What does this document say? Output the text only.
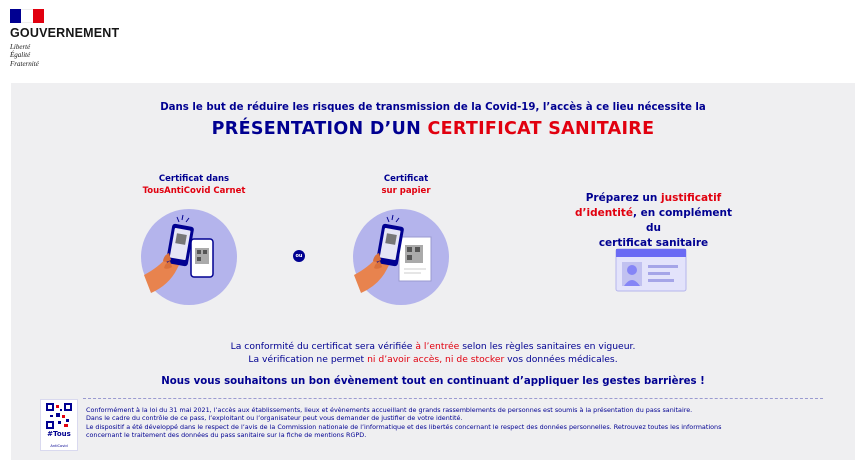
GOUVERNEMENT
Liberté
Égalité
Fraternité
Dans le but de réduire les risques de transmission de la Covid-19, l’accès à ce lieu nécessite la
PRÉSENTATION D’UN CERTIFICAT SANITAIRE
Certificat dans
TousAntiCovid Carnet
ou
Certificat
sur papier
Préparez un justificatif
d’identité, en complément du
certificat sanitaire
La conformité du certificat sera vérifiée à l’entrée selon les règles sanitaires en vigueur.
La vérification ne permet ni d’avoir accès, ni de stocker vos données médicales.
Nous vous souhaitons un bon évènement tout en continuant d’appliquer les gestes barrières !
#Tous
AntiCovid

Conformément à la loi du 31 mai 2021, l’accès aux établissements, lieux et évènements accueillant de grands rassemblements de personnes est soumis à la présentation du pass sanitaire.

Dans le cadre du contrôle de ce pass, l’exploitant ou l’organisateur peut vous demander de justifier de votre identité.

Le dispositif a été développé dans le respect de l’avis de la Commission nationale de l’informatique et des libertés concernant le respect des données personnelles. Retrouvez toutes les informations

concernant le traitement des données du pass sanitaire sur la fiche de mentions RGPD.
